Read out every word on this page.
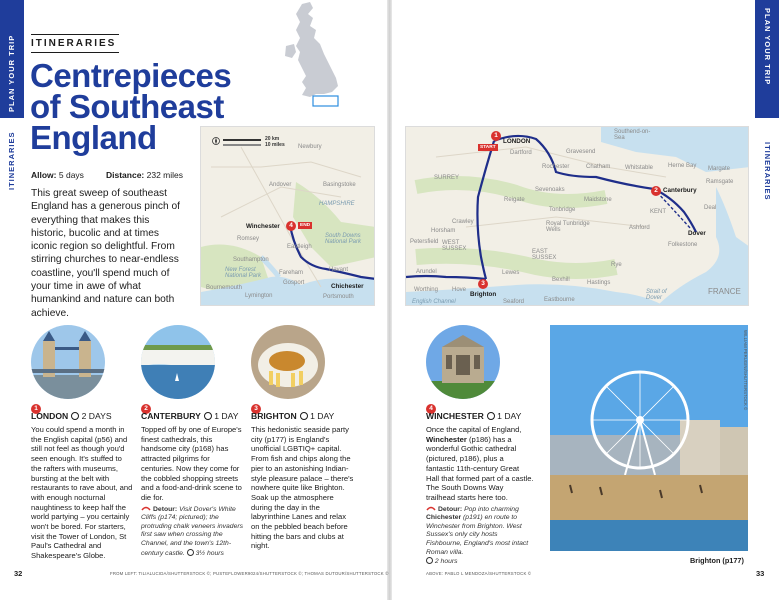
PLAN YOUR TRIP
ITINERARIES
PLAN YOUR TRIP
ITINERARIES
ITINERARIES
Centrepieces of Southeast England
Allow: 5 days	Distance: 232 miles

This great sweep of southeast England has a generous pinch of everything that makes this historic, bucolic and at times iconic region so delightful. From stirring churches to near-endless coastline, you'll spend much of your time in awe of what humankind and nature can both achieve.

20 km
10 miles Newbury
Andover	Basingstoke
HAMPSHIRE
Winchester	4	END
South Downs National Park
Romsey
Eastleigh
Southampton
New Forest National Park	Fareham	Havant
Bournemouth
Gosport	Chichester
Lymington	Portsmouth
1
LONDON
START
Dartford
Southend-on-Sea
Gravesend
Rochester	Chatham Whitstable Herne Bay Margate
Ramsgate
2 Canterbury
SURREY
Sevenoaks
Maidstone
Reigate
Tonbridge
Royal Tunbridge Wells
KENT
Deal
Crawley
Ashford
Horsham	Dover
WEST SUSSEX
Folkestone
Petersfield
EAST SUSSEX
Rye
Arundel	Lewes
Bexhill	Hastings
Worthing Hove
3
Brighton
Seaford	Eastbourne
English Channel
Strait of Dover
FRANCE
1
LONDON 2 DAYS
You could spend a month in the English capital (p56) and still not feel as though you'd seen enough. It's stuffed to the rafters with museums, bursting at the belt with restaurants to rave about, and with enough nocturnal naughtiness to keep half the world partying – you certainly won't be bored. For starters, visit the Tower of London, St Paul's Cathedral and Shakespeare's Globe.
2
CANTERBURY 1 DAY
Topped off by one of Europe's finest cathedrals, this handsome city (p168) has attracted pilgrims for centuries. Now they come for the cobbled shopping streets and a food-and-drink scene to die for.
Detour: Visit Dover's White Cliffs (p174; pictured); the protruding chalk veneers invaders first saw when crossing the Channel, and the town's 12th-century castle. 3½ hours
3
BRIGHTON 1 DAY
This hedonistic seaside party city (p177) is England's unofficial LGBTIQ+ capital. From fish and chips along the pier to an astonishing Indian-style pleasure palace – there's nowhere quite like Brighton. Soak up the atmosphere during the day in the labyrinthine Lanes and relax on the pebbled beach before hitting the bars and clubs at night.
4
WINCHESTER 1 DAY
Once the capital of England, Winchester (p186) has a wonderful Gothic cathedral (pictured, p186), plus a fantastic 11th-century Great Hall that formed part of a castle. The South Downs Way trailhead starts here too.
Detour: Pop into charming Chichester (p191) en route to Winchester from Brighton. West Sussex's only city hosts Fishbourne, England's most intact Roman villa.
2 hours
WILLIAM PERUGINI/SHUTTERSTOCK ©
Brighton (p177)
32	FROM LEFT: TILIALUCIDA/SHUTTERSTOCK ©; PUSTEFLOWER9024/SHUTTERSTOCK ©; THOMAS DUTOUR/SHUTTERSTOCK ©	ABOVE: PABLO L MENDOZA/SHUTTERSTOCK ©	33
